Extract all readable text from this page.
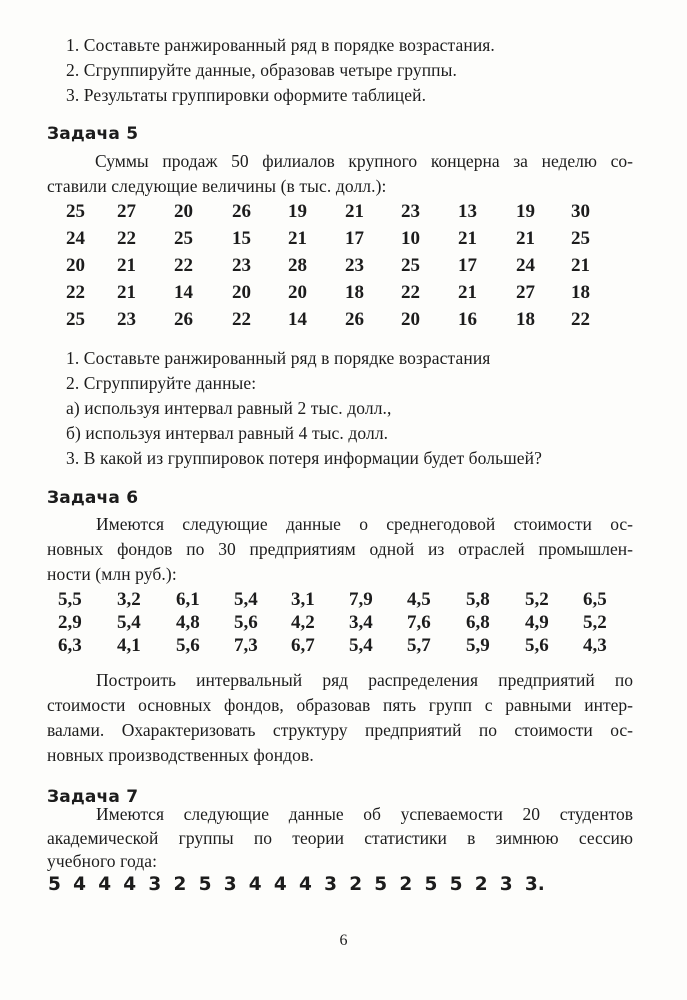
1. Составьте ранжированный ряд в порядке возрастания.
2. Сгруппируйте данные, образовав четыре группы.
3. Результаты группировки оформите таблицей.
Задача 5
Суммы продаж 50 филиалов крупного концерна за неделю со-
ставили следующие величины (в тыс. долл.):
25 27 20 26 19 21 23 13 19 30
24 22 25 15 21 17 10 21 21 25
20 21 22 23 28 23 25 17 24 21
22 21 14 20 20 18 22 21 27 18
25 23 26 22 14 26 20 16 18 22
1. Составьте ранжированный ряд в порядке возрастания
2. Сгруппируйте данные:
а) используя интервал равный 2 тыс. долл.,
б) используя интервал равный 4 тыс. долл.
3. В какой из группировок потеря информации будет большей?
Задача 6
Имеются следующие данные о среднегодовой стоимости ос-
новных фондов по 30 предприятиям одной из отраслей промышлен-
ности (млн руб.):
5,5 3,2 6,1 5,4 3,1 7,9 4,5 5,8 5,2 6,5
2,9 5,4 4,8 5,6 4,2 3,4 7,6 6,8 4,9 5,2
6,3 4,1 5,6 7,3 6,7 5,4 5,7 5,9 5,6 4,3
Построить интервальный ряд распределения предприятий по
стоимости основных фондов, образовав пять групп с равными интер-
валами. Охарактеризовать структуру предприятий по стоимости ос-
новных производственных фондов.
Задача 7
Имеются следующие данные об успеваемости 20 студентов
академической группы по теории статистики в зимнюю сессию
учебного года:
5 4 4 4 3 2 5 3 4 4 4 3 2 5 2 5 5 2 3 3.
6
